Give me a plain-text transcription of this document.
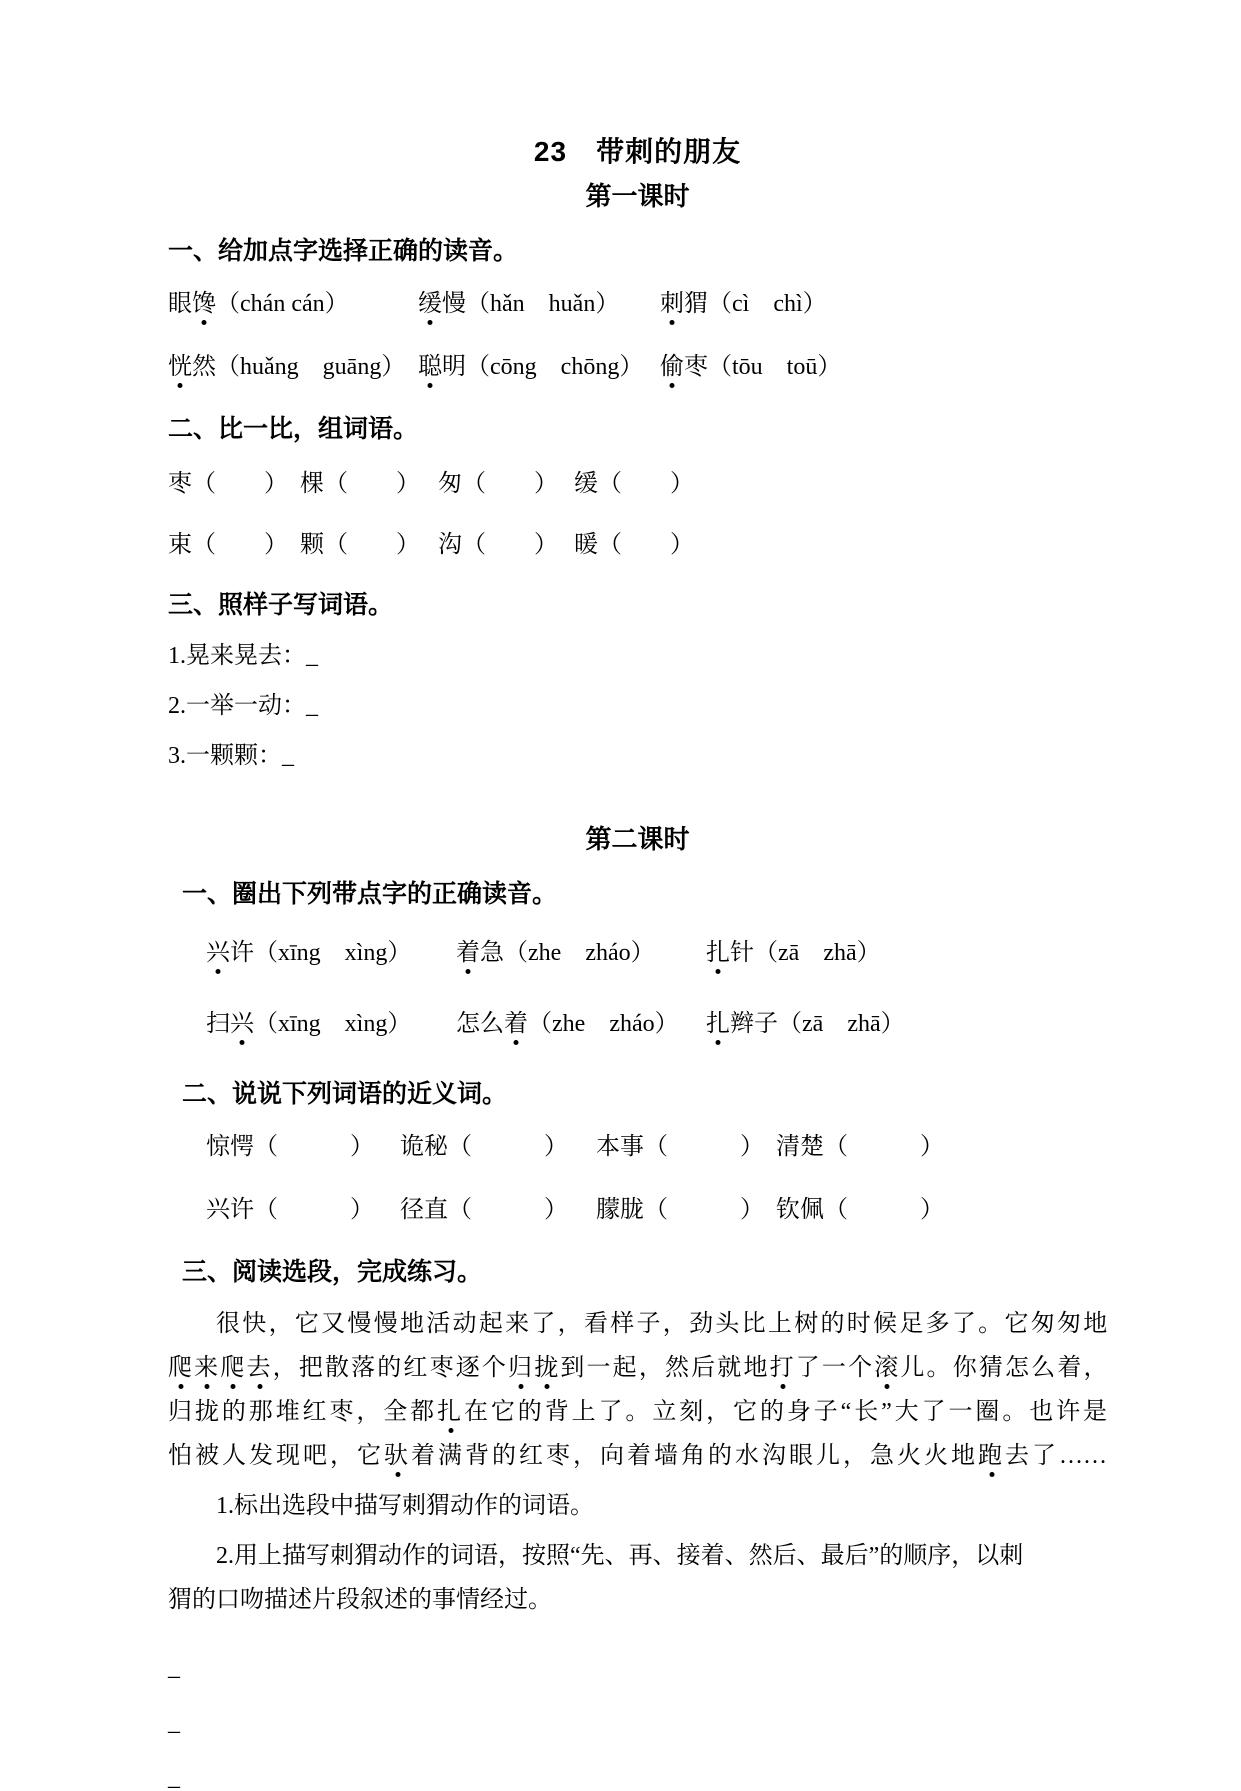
23　带刺的朋友
第一课时
一、给加点字选择正确的读音。
眼馋（chán cán）	缓慢（hǎn　 huǎn）	刺猬（cì　 chì）
恍然（huǎng　 guāng） 聪明（cōng　 chōng） 偷枣（tōu　 toū）
二、比一比，组词语。
枣（　　） 棵（　　） 匆（　　） 缓（　　）
束（　　） 颗（　　） 沟（　　） 暖（　　）
三、照样子写词语。
1.晃来晃去：_
2.一举一动：_
3.一颗颗：_
第二课时
一、圈出下列带点字的正确读音。
兴许（xīng　 xìng）	着急（zhe　 zháo）	扎针（zā　 zhā）
扫兴（xīng　 xìng）	怎么着（zhe　 zháo）	扎辫子（zā　 zhā）
二、说说下列词语的近义词。
惊愕（　　　）	诡秘（　　　）	本事（　　　） 清楚（　　　）
兴许（　　　）	径直（　　　）	朦胧（　　　） 钦佩（　　　）
三、阅读选段，完成练习。
很快，它又慢慢地活动起来了，看样子，劲头比上树的时候足多了。它匆匆地
爬来爬去，把散落的红枣逐个归拢到一起，然后就地打了一个滚儿。你猜怎么着，
归拢的那堆红枣，全都扎在它的背上了。立刻，它的身子“长”大了一圈。也许是
怕被人发现吧，它驮着满背的红枣，向着墙角的水沟眼儿，急火火地跑去了……
1.标出选段中描写刺猬动作的词语。
2.用上描写刺猬动作的词语，按照“先、再、接着、然后、最后”的顺序，以刺
猬的口吻描述片段叙述的事情经过。
_
_
_
